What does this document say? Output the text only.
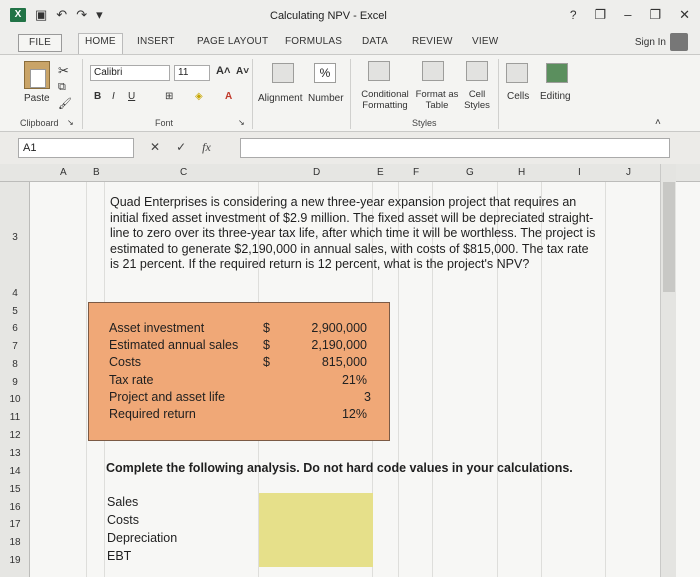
X	▣ ↶ ↷ ▾	Calculating NPV - Excel	? ❐ – ❐ ✕
FILE	HOME	INSERT PAGE LAYOUT FORMULAS DATA REVIEW VIEW	Sign In
Paste
✂
⧉
🖌
Clipboard ↘
Calibri	11	A˄ A˅
B I U	⊞ ◈ A
Font	↘
Alignment
%
Number	Conditional Formatting
Format as Table
Cell Styles
Styles
Cells Editing
˄
A1	✕ ✓ fx
A	B	C	D	E	F	G	H	I	J
3
4
5
6
7
8
9
10
11
12
13
14
15
16
17
18
19
Quad Enterprises is considering a new three-year expansion project that requires an initial fixed asset investment of $2.9 million. The fixed asset will be depreciated straight-line to zero over its three-year tax life, after which time it will be worthless. The project is estimated to generate $2,190,000 in annual sales, with costs of $815,000. The tax rate is 21 percent. If the required return is 12 percent, what is the project's NPV?
Asset investment	$	2,900,000
Estimated annual sales $	2,190,000
Costs	$	815,000
Tax rate	21%
Project and asset life	3
Required return	12%
Complete the following analysis. Do not hard code values in your calculations.
Sales
Costs
Depreciation
EBT
